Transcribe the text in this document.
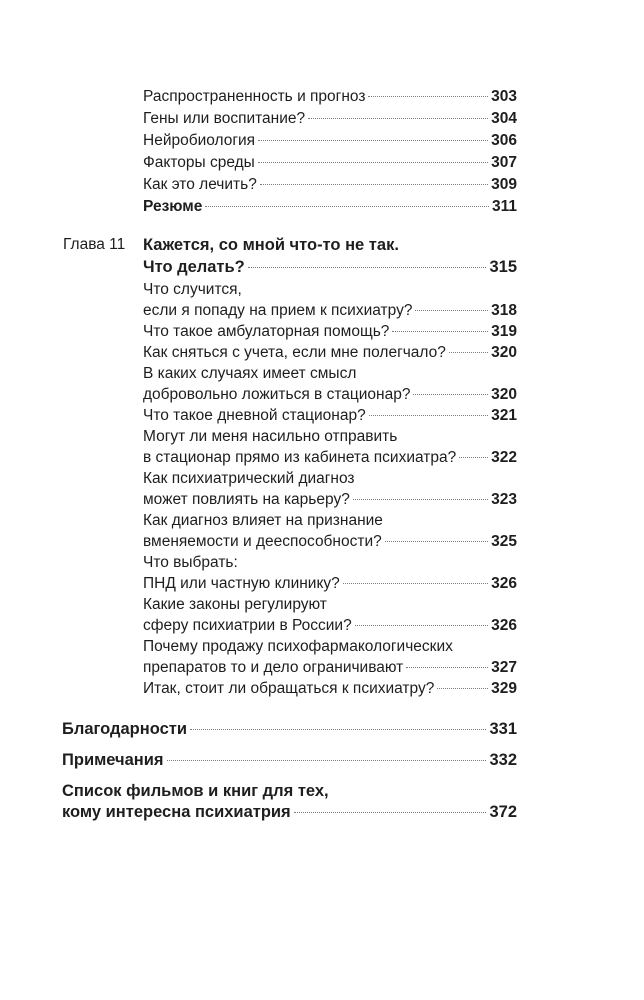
Распространенность и прогноз	303
Гены или воспитание?	304
Нейробиология	306
Факторы среды	307
Как это лечить?	309
Резюме	311
Глава 11 Кажется, со мной что-то не так.
Что делать?	315
Что случится,
если я попаду на прием к психиатру?	318
Что такое амбулаторная помощь?	319
Как сняться с учета, если мне полегчало?	320
В каких случаях имеет смысл
добровольно ложиться в стационар?	320
Что такое дневной стационар?	321
Могут ли меня насильно отправить
в стационар прямо из кабинета психиатра? 322
Как психиатрический диагноз
может повлиять на карьеру?	323
Как диагноз влияет на признание
вменяемости и дееспособности?	325
Что выбрать:
ПНД или частную клинику?	326
Какие законы регулируют
сферу психиатрии в России?	326
Почему продажу психофармакологических
препаратов то и дело ограничивают	327
Итак, стоит ли обращаться к психиатру?	329
Благодарности	331
Примечания	332
Список фильмов и книг для тех,
кому интересна психиатрия	372
